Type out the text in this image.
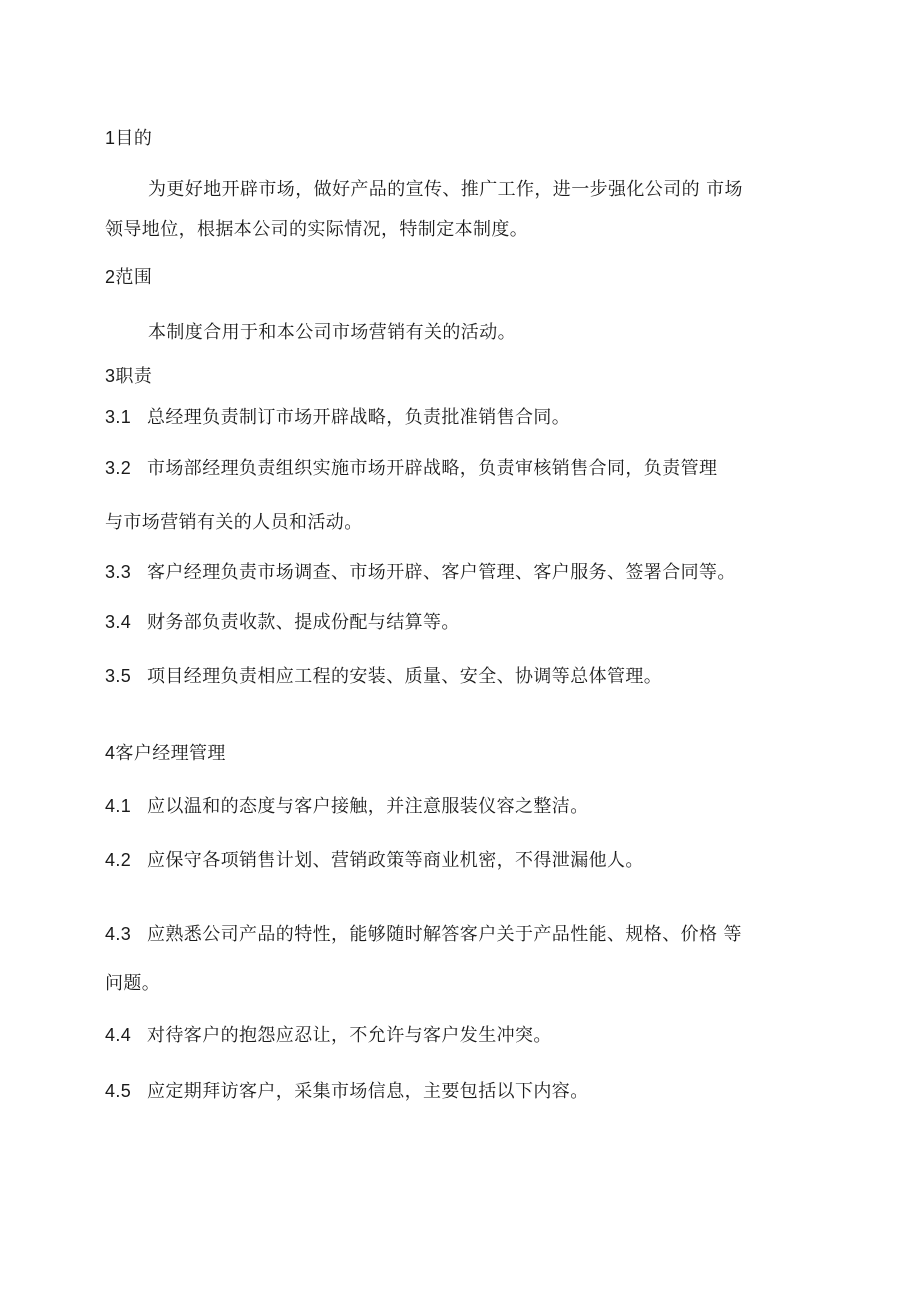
1目的
为更好地开辟市场，做好产品的宣传、推广工作，进一步强化公司的 市场
领导地位，根据本公司的实际情况，特制定本制度。
2范围
本制度合用于和本公司市场营销有关的活动。
3职责
3.1 总经理负责制订市场开辟战略，负责批准销售合同。
3.2 市场部经理负责组织实施市场开辟战略，负责审核销售合同，负责管理
与市场营销有关的人员和活动。
3.3 客户经理负责市场调查、市场开辟、客户管理、客户服务、签署合同等。
3.4 财务部负责收款、提成份配与结算等。
3.5 项目经理负责相应工程的安装、质量、安全、协调等总体管理。
4客户经理管理
4.1 应以温和的态度与客户接触，并注意服装仪容之整洁。
4.2 应保守各项销售计划、营销政策等商业机密，不得泄漏他人。
4.3 应熟悉公司产品的特性，能够随时解答客户关于产品性能、规格、价格 等
问题。
4.4 对待客户的抱怨应忍让，不允许与客户发生冲突。
4.5 应定期拜访客户，采集市场信息，主要包括以下内容。
